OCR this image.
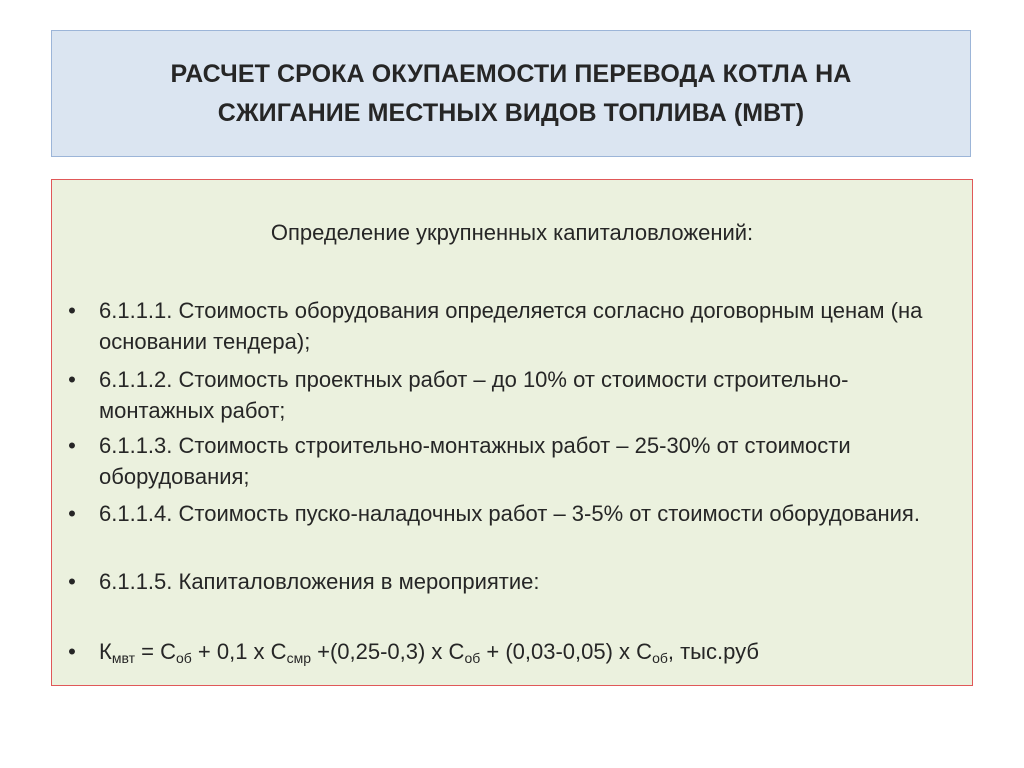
РАСЧЕТ СРОКА ОКУПАЕМОСТИ ПЕРЕВОДА КОТЛА НА
СЖИГАНИЕ МЕСТНЫХ ВИДОВ ТОПЛИВА (МВТ)
Определение укрупненных капиталовложений:
• 6.1.1.1. Стоимость оборудования определяется согласно договорным ценам (на основании тендера);
• 6.1.1.2. Стоимость проектных работ – до 10% от стоимости строительно-монтажных работ;
• 6.1.1.3. Стоимость строительно-монтажных работ – 25-30% от стоимости оборудования;
• 6.1.1.4. Стоимость пуско-наладочных работ – 3-5% от стоимости оборудования.
• 6.1.1.5. Капиталовложения в мероприятие:
• $К_{мвт} = С_{об} + 0,1$ х $С_{смр} +(0,25-0,3)$ х $С_{об} + (0,03-0,05)$ х $С_{об}$, тыс.руб
